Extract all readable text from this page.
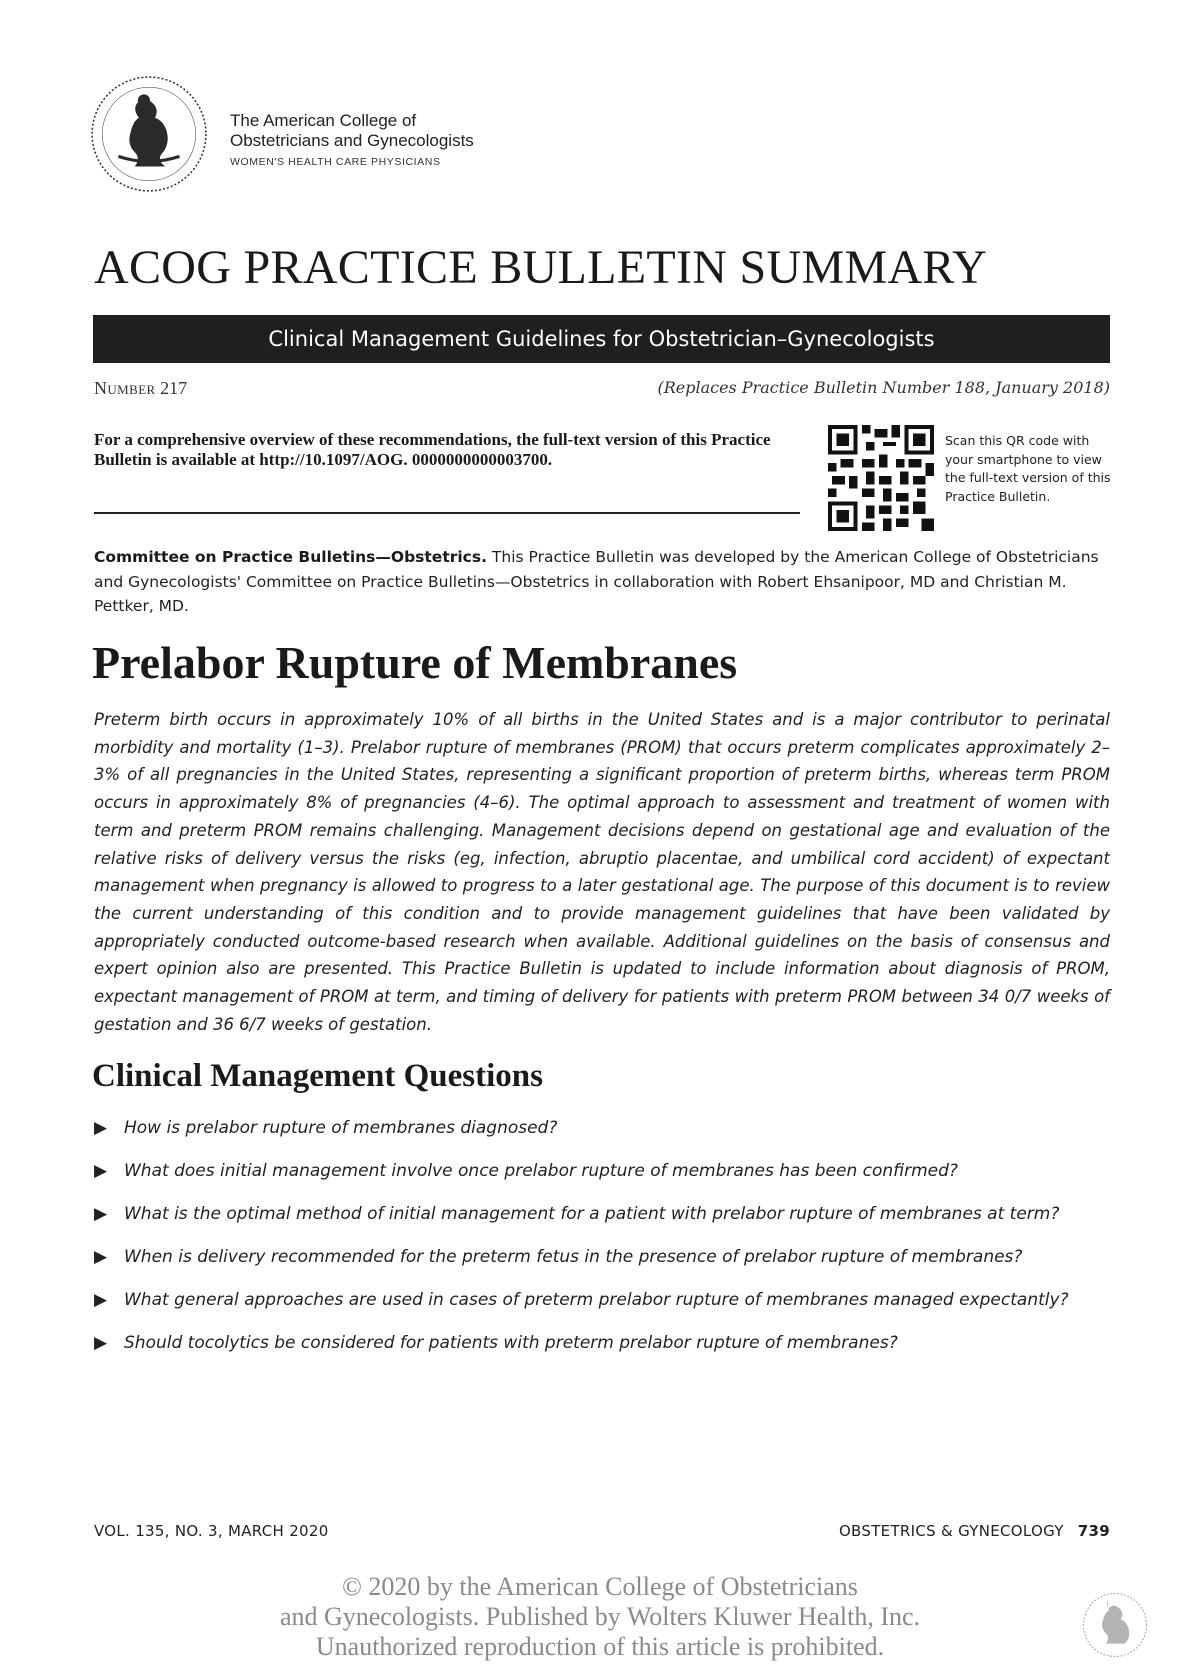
The American College of
Obstetricians and Gynecologists
WOMEN'S HEALTH CARE PHYSICIANS
ACOG PRACTICE BULLETIN SUMMARY
Clinical Management Guidelines for Obstetrician–Gynecologists
Number 217	(Replaces Practice Bulletin Number 188, January 2018)
For a comprehensive overview of these recommendations, the full-text version of this Practice Bulletin is available at http://10.1097/AOG. 0000000000003700.
Scan this QR code with your smartphone to view the full-text version of this Practice Bulletin.
Committee on Practice Bulletins—Obstetrics. This Practice Bulletin was developed by the American College of Obstetricians and Gynecologists' Committee on Practice Bulletins—Obstetrics in collaboration with Robert Ehsanipoor, MD and Christian M. Pettker, MD.
Prelabor Rupture of Membranes
Preterm birth occurs in approximately 10% of all births in the United States and is a major contributor to perinatal morbidity and mortality (1–3). Prelabor rupture of membranes (PROM) that occurs preterm complicates approximately 2–3% of all pregnancies in the United States, representing a significant proportion of preterm births, whereas term PROM occurs in approximately 8% of pregnancies (4–6). The optimal approach to assessment and treatment of women with term and preterm PROM remains challenging. Management decisions depend on gestational age and evaluation of the relative risks of delivery versus the risks (eg, infection, abruptio placentae, and umbilical cord accident) of expectant management when pregnancy is allowed to progress to a later gestational age. The purpose of this document is to review the current understanding of this condition and to provide management guidelines that have been validated by appropriately conducted outcome-based research when available. Additional guidelines on the basis of consensus and expert opinion also are presented. This Practice Bulletin is updated to include information about diagnosis of PROM, expectant management of PROM at term, and timing of delivery for patients with preterm PROM between 34 0/7 weeks of gestation and 36 6/7 weeks of gestation.
Clinical Management Questions
▶ How is prelabor rupture of membranes diagnosed?
▶ What does initial management involve once prelabor rupture of membranes has been confirmed?
▶ What is the optimal method of initial management for a patient with prelabor rupture of membranes at term?
▶ When is delivery recommended for the preterm fetus in the presence of prelabor rupture of membranes?
▶ What general approaches are used in cases of preterm prelabor rupture of membranes managed expectantly?
▶ Should tocolytics be considered for patients with preterm prelabor rupture of membranes?
VOL. 135, NO. 3, MARCH 2020	OBSTETRICS & GYNECOLOGY 739
© 2020 by the American College of Obstetricians
and Gynecologists. Published by Wolters Kluwer Health, Inc.
Unauthorized reproduction of this article is prohibited.
